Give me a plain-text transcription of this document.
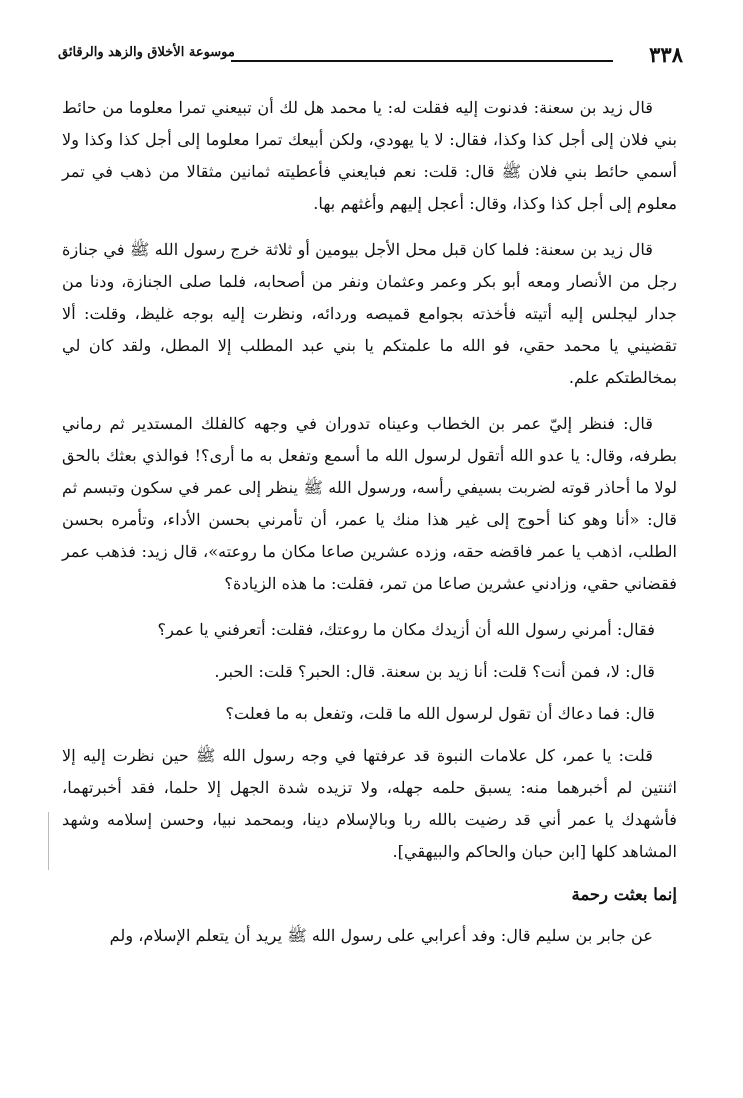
موسوعة الأخلاق والزهد والرقائق	٣٣٨

قال زيد بن سعنة: فدنوت إليه فقلت له: يا محمد هل لك أن تبيعني تمرا معلوما من حائط بني فلان إلى أجل كذا وكذا، فقال: لا يا يهودي، ولكن أبيعك تمرا معلوما إلى أجل كذا وكذا ولا أسمي حائط بني فلان ﷺ قال: قلت: نعم فبايعني فأعطيته ثمانين مثقالا من ذهب في تمر معلوم إلى أجل كذا وكذا، وقال: أعجل إليهم وأغثهم بها.

قال زيد بن سعنة: فلما كان قبل محل الأجل بيومين أو ثلاثة خرج رسول الله ﷺ في جنازة رجل من الأنصار ومعه أبو بكر وعمر وعثمان ونفر من أصحابه، فلما صلى الجنازة، ودنا من جدار ليجلس إليه أتيته فأخذته بجوامع قميصه وردائه، ونظرت إليه بوجه غليظ، وقلت: ألا تقضيني يا محمد حقي، فو الله ما علمتكم يا بني عبد المطلب إلا المطل، ولقد كان لي بمخالطتكم علم.

قال: فنظر إليّ عمر بن الخطاب وعيناه تدوران في وجهه كالفلك المستدير ثم رماني بطرفه، وقال: يا عدو الله أتقول لرسول الله ما أسمع وتفعل به ما أرى؟! فوالذي بعثك بالحق لولا ما أحاذر قوته لضربت بسيفي رأسه، ورسول الله ﷺ ينظر إلى عمر في سكون وتبسم ثم قال: «أنا وهو كنا أحوج إلى غير هذا منك يا عمر، أن تأمرني بحسن الأداء، وتأمره بحسن الطلب، اذهب يا عمر فاقضه حقه، وزده عشرين صاعا مكان ما روعته»، قال زيد: فذهب عمر فقضاني حقي، وزادني عشرين صاعا من تمر، فقلت: ما هذه الزيادة؟

فقال: أمرني رسول الله أن أزيدك مكان ما روعتك، فقلت: أتعرفني يا عمر؟

قال: لا، فمن أنت؟ قلت: أنا زيد بن سعنة. قال: الحبر؟ قلت: الحبر.

قال: فما دعاك أن تقول لرسول الله ما قلت، وتفعل به ما فعلت؟

قلت: يا عمر، كل علامات النبوة قد عرفتها في وجه رسول الله ﷺ حين نظرت إليه إلا اثنتين لم أخبرهما منه: يسبق حلمه جهله، ولا تزيده شدة الجهل إلا حلما، فقد أخبرتهما، فأشهدك يا عمر أني قد رضيت بالله ربا وبالإسلام دينا، وبمحمد نبيا، وحسن إسلامه وشهد المشاهد كلها [ابن حبان والحاكم والبيهقي].

إنما بعثت رحمة

عن جابر بن سليم قال: وفد أعرابي على رسول الله ﷺ يريد أن يتعلم الإسلام، ولم
